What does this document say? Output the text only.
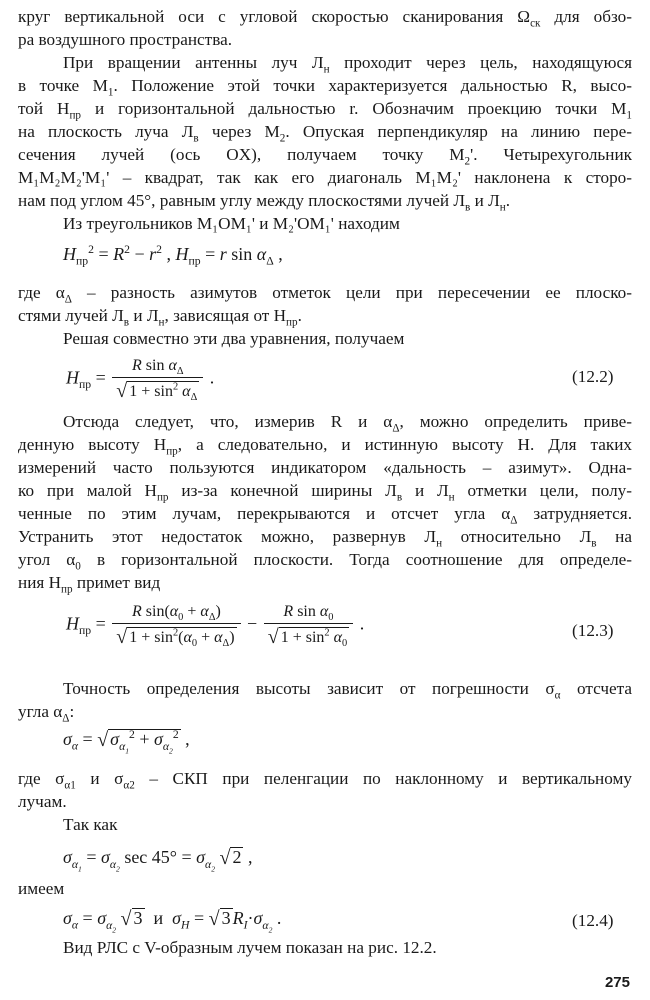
круг вертикальной оси с угловой скоростью сканирования $\Omega_{ск}$ для обзо-
ра воздушного пространства.
При вращении антенны луч $Л_н$ проходит через цель, находящуюся
в точке $M_1$. Положение этой точки характеризуется дальностью R, высо-
той $H_{пр}$ и горизонтальной дальностью r. Обозначим проекцию точки $M_1$
на плоскость луча $Л_в$ через $M_2$. Опуская перпендикуляр на линию пере-
сечения лучей (ось OX), получаем точку $M_2'$. Четырехугольник
M₁M₂M₂'M₁' – квадрат, так как его диагональ M₁M₂' наклонена к сторо-
нам под углом 45°, равным углу между плоскостями лучей $Л_в$ и $Л_н$.
Из треугольников M₁OM₁' и M₂'OM₁' находим
$H_{пр}^2 = R^2 - r^2$ , $H_{пр} = r$ $\sin \alpha_\Delta$ ,
где $\alpha_\Delta$ – разность азимутов отметок цели при пересечении ее плоско-
стями лучей $Л_в$ и $Л_н$, зависящая от $H_{пр}$.
Решая совместно эти два уравнения, получаем
$H_{пр} = \frac{R \sin \alpha_\Delta}{√ 1 + \sin^2 \alpha_\Delta}$ .	(12.2)
Отсюда следует, что, измерив R и $\alpha_\Delta$, можно определить приве-
денную высоту $H_{пр}$, а следовательно, и истинную высоту H. Для таких
измерений часто пользуются индикатором «дальность – азимут». Одна-
ко при малой $H_{пр}$ из-за конечной ширины $Л_в$ и $Л_н$ отметки цели, полу-
ченные по этим лучам, перекрываются и отсчет угла $\alpha_\Delta$ затрудняется.
Устранить этот недостаток можно, развернув $Л_н$ относительно $Л_в$ на
угол $\alpha_0$ в горизонтальной плоскости. Тогда соотношение для определе-
ния $H_{пр}$ примет вид
$H_{пр} = \frac{R \sin(\alpha_0 + \alpha_\Delta)}{√ 1 + \sin^2(\alpha_0 + \alpha_\Delta)} - \frac{R \sin \alpha_0}{√ 1 + \sin^2 \alpha_0}$ .	(12.3)
Точность определения высоты зависит от погрешности $\sigma_\alpha$ отсчета
угла $\alpha_\Delta$:
$\sigma_\alpha$ = √ $\sigma_{\alpha_1}^2 + \sigma_{\alpha_2}^2$ ,
где $\sigma_{\alpha 1}$ и $\sigma_{\alpha 2}$ – СКП при пеленгации по наклонному и вертикальному
лучам.
Так как
$\sigma_{\alpha_1} = \sigma_{\alpha_2}$ $\sec 45^\circ = \sigma_{\alpha_2}$ √ 2 ,
имеем
$\sigma_\alpha = \sigma_{\alpha_2}$ √ 3  и  $\sigma_H$ = √ 3 $R_I\cdot\sigma_{\alpha_2}$ .	(12.4)
Вид РЛС с V-образным лучем показан на рис. 12.2.
275
